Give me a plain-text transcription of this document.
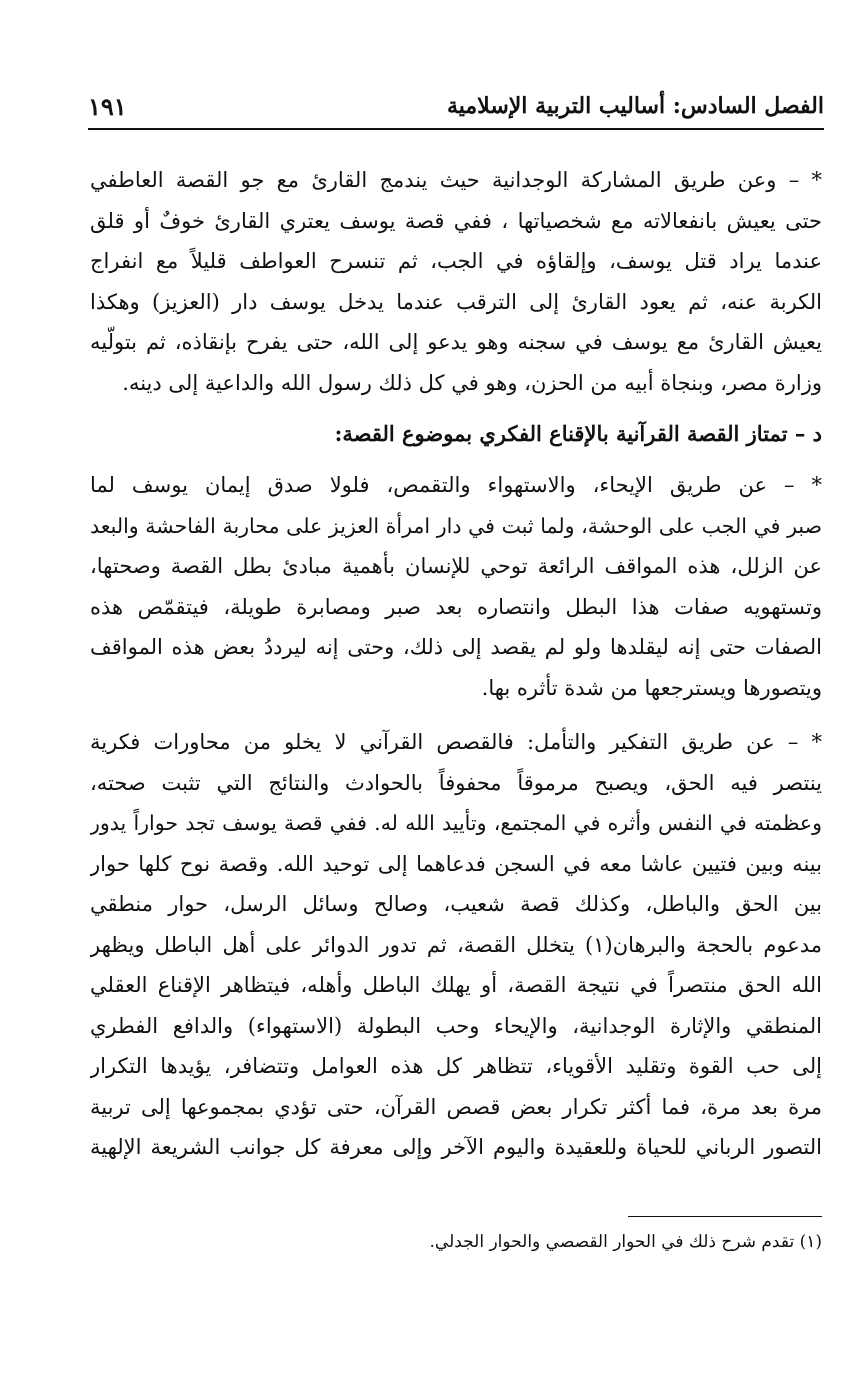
الفصل السادس: أساليب التربية الإسلامية
١٩١
* – وعن طريق المشاركة الوجدانية حيث يندمج القارئ مع جو القصة العاطفي
حتى يعيش بانفعالاته مع شخصياتها ، ففي قصة يوسف يعتري القارئ خوفٌ أو قلق
عندما يراد قتل يوسف، وإلقاؤه في الجب، ثم تنسرح العواطف قليلاً مع انفراج
الكربة عنه، ثم يعود القارئ إلى الترقب عندما يدخل يوسف دار (العزيز) وهكذا
يعيش القارئ مع يوسف في سجنه وهو يدعو إلى الله، حتى يفرح بإنقاذه، ثم بتولّيه
وزارة مصر، وبنجاة أبيه من الحزن، وهو في كل ذلك رسول الله والداعية إلى دينه.
د – تمتاز القصة القرآنية بالإقناع الفكري بموضوع القصة:
* – عن طريق الإيحاء، والاستهواء والتقمص، فلولا صدق إيمان يوسف لما
صبر في الجب على الوحشة، ولما ثبت في دار امرأة العزيز على محاربة الفاحشة والبعد
عن الزلل، هذه المواقف الرائعة توحي للإنسان بأهمية مبادئ بطل القصة وصحتها،
وتستهويه صفات هذا البطل وانتصاره بعد صبر ومصابرة طويلة، فيتقمّص هذه
الصفات حتى إنه ليقلدها ولو لم يقصد إلى ذلك، وحتى إنه ليرددُ بعض هذه المواقف
ويتصورها ويسترجعها من شدة تأثره بها.
* – عن طريق التفكير والتأمل: فالقصص القرآني لا يخلو من محاورات فكرية
ينتصر فيه الحق، ويصبح مرموقاً محفوفاً بالحوادث والنتائج التي تثبت صحته،
وعظمته في النفس وأثره في المجتمع، وتأييد الله له. ففي قصة يوسف تجد حواراً يدور
بينه وبين فتيين عاشا معه في السجن فدعاهما إلى توحيد الله. وقصة نوح كلها حوار
بين الحق والباطل، وكذلك قصة شعيب، وصالح وسائل الرسل، حوار منطقي
مدعوم بالحجة والبرهان(١) يتخلل القصة، ثم تدور الدوائر على أهل الباطل ويظهر
الله الحق منتصراً في نتيجة القصة، أو يهلك الباطل وأهله، فيتظاهر الإقناع العقلي
المنطقي والإثارة الوجدانية، والإيحاء وحب البطولة (الاستهواء) والدافع الفطري
إلى حب القوة وتقليد الأقوياء، تتظاهر كل هذه العوامل وتتضافر، يؤيدها التكرار
مرة بعد مرة، فما أكثر تكرار بعض قصص القرآن، حتى تؤدي بمجموعها إلى تربية
التصور الرباني للحياة وللعقيدة واليوم الآخر وإلى معرفة كل جوانب الشريعة الإلهية
(١) تقدم شرح ذلك في الحوار القصصي والحوار الجدلي.
